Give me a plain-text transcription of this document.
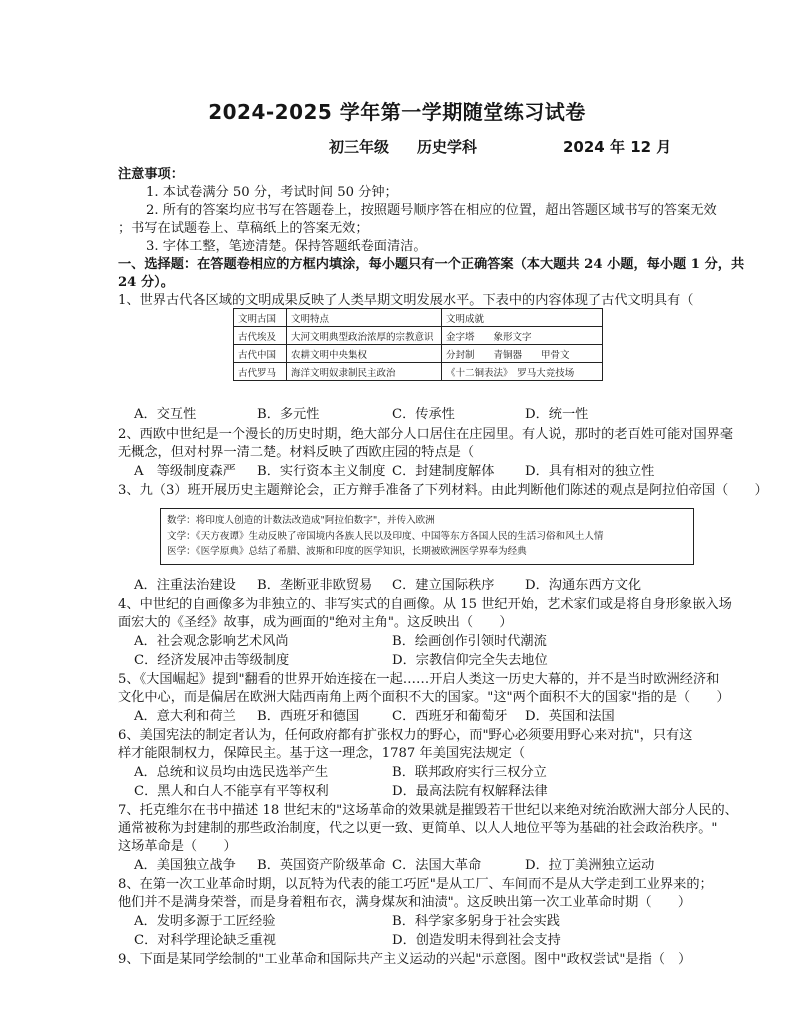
2024-2025 学年第一学期随堂练习试卷
初三年级 历史学科	2024 年 12 月
注意事项：
1. 本试卷满分 50 分，考试时间 50 分钟；
2. 所有的答案均应书写在答题卷上，按照题号顺序答在相应的位置，超出答题区域书写的答案无效
；书写在试题卷上、草稿纸上的答案无效；
3. 字体工整，笔迹清楚。保持答题纸卷面清洁。
一、选择题：在答题卷相应的方框内填涂，每小题只有一个正确答案（本大题共 24 小题，每小题 1 分，共
24 分）。
1、世界古代各区域的文明成果反映了人类早期文明发展水平。下表中的内容体现了古代文明具有（
文明古国	文明特点	文明成就
古代埃及	大河文明典型政治浓厚的宗教意识	金字塔　　象形文字
古代中国	农耕文明中央集权	分封制　　青铜器　　甲骨文
古代罗马	海洋文明奴隶制民主政治	《十二铜表法》　罗马大竞技场
A．交互性	B．多元性	C．传承性	D．统一性
2、西欧中世纪是一个漫长的历史时期，绝大部分人口居住在庄园里。有人说，那时的老百姓可能对国界毫
无概念，但对村界一清二楚。材料反映了西欧庄园的特点是（
A　等级制度森严 B．实行资本主义制度 C．封建制度解体 D．具有相对的独立性
3、九（3）班开展历史主题辩论会，正方辩手准备了下列材料。由此判断他们陈述的观点是阿拉伯帝国（　　）
数学：将印度人创造的计数法改造成"阿拉伯数字"，并传入欧洲
文学：《天方夜谭》生动反映了帝国境内各族人民以及印度、中国等东方各国人民的生活习俗和风土人情
医学：《医学原典》总结了希腊、波斯和印度的医学知识，长期被欧洲医学界奉为经典
A．注重法治建设 B．垄断亚非欧贸易 C．建立国际秩序 D．沟通东西方文化
4、中世纪的自画像多为非独立的、非写实式的自画像。从 15 世纪开始，艺术家们或是将自身形象嵌入场
面宏大的《圣经》故事，成为画面的"绝对主角"。这反映出（　　）
A．社会观念影响艺术风尚	B．绘画创作引领时代潮流
C．经济发展冲击等级制度	D．宗教信仰完全失去地位
5、《大国崛起》提到"翻看的世界开始连接在一起……开启人类这一历史大幕的，并不是当时欧洲经济和
文化中心，而是偏居在欧洲大陆西南角上两个面积不大的国家。"这"两个面积不大的国家"指的是（　　）
A．意大利和荷兰 B．西班牙和德国 C．西班牙和葡萄牙 D．英国和法国
6、美国宪法的制定者认为，任何政府都有扩张权力的野心，而"野心必须要用野心来对抗"，只有这
样才能限制权力，保障民主。基于这一理念，1787 年美国宪法规定（
A．总统和议员均由选民选举产生	B．联邦政府实行三权分立
C．黑人和白人不能享有平等权利	D．最高法院有权解释法律
7、托克维尔在书中描述 18 世纪末的"这场革命的效果就是摧毁若干世纪以来绝对统治欧洲大部分人民的、
通常被称为封建制的那些政治制度，代之以更一致、更简单、以人人地位平等为基础的社会政治秩序。"
这场革命是（　　）
A．美国独立战争 B．英国资产阶级革命 C．法国大革命	D．拉丁美洲独立运动
8、在第一次工业革命时期，以瓦特为代表的能工巧匠"是从工厂、车间而不是从大学走到工业界来的；
他们并不是满身荣誉，而是身着粗布衣，满身煤灰和油渍"。这反映出第一次工业革命时期（　　）
A．发明多源于工匠经验	B．科学家多躬身于社会实践
C．对科学理论缺乏重视	D．创造发明未得到社会支持
9、下面是某同学绘制的"工业革命和国际共产主义运动的兴起"示意图。图中"政权尝试"是指（　）
